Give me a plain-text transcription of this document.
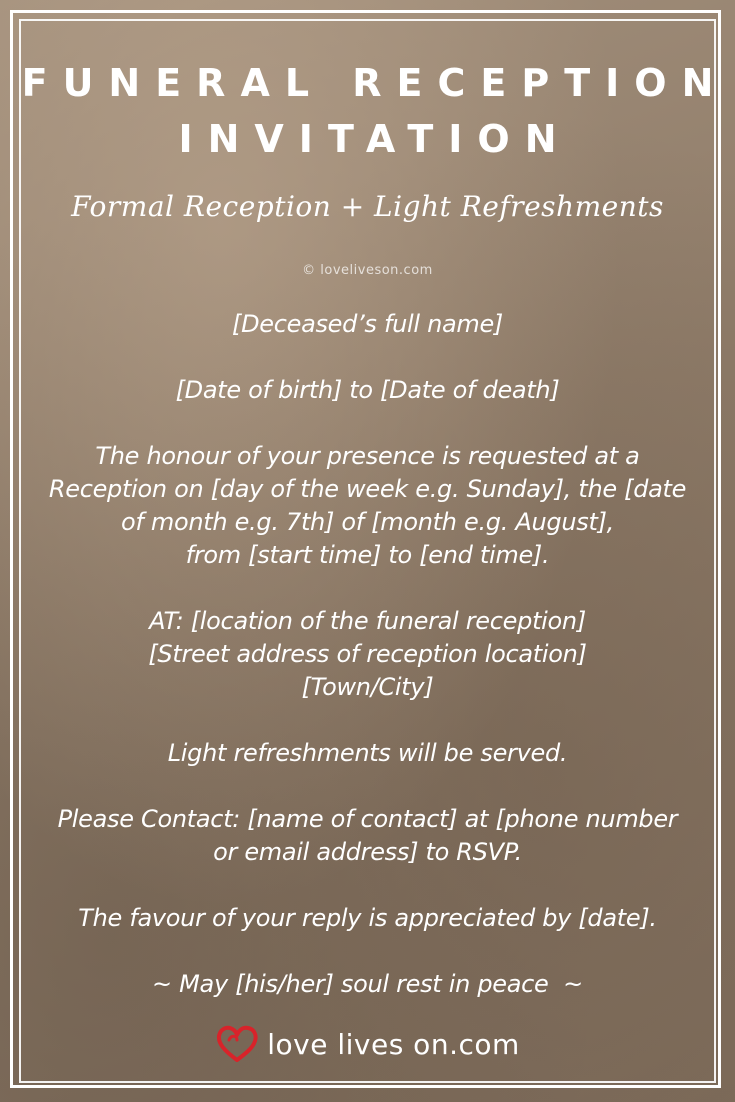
FUNERAL RECEPTION
INVITATION
Formal Reception + Light Refreshments
© loveliveson.com

[Deceased’s full name]

[Date of birth] to [Date of death]

The honour of your presence is requested at a
Reception on [day of the week e.g. Sunday], the [date
of month e.g. 7th] of [month e.g. August],
from [start time] to [end time].

AT: [location of the funeral reception]
[Street address of reception location]
[Town/City]

Light refreshments will be served.

Please Contact: [name of contact] at [phone number
or email address] to RSVP.

The favour of your reply is appreciated by [date].

~ May [his/her] soul rest in peace  ~

love lives on.com
